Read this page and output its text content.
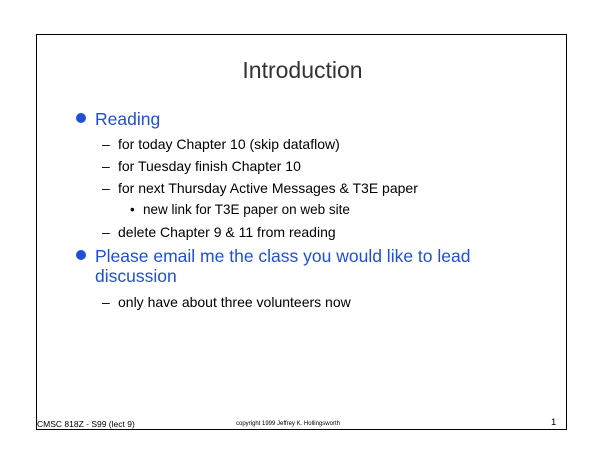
Introduction
Reading
– for today Chapter 10 (skip dataflow)
– for Tuesday finish Chapter 10
– for next Thursday Active Messages & T3E paper
• new link for T3E paper on web site
– delete Chapter 9 & 11 from reading
Please email me the class you would like to lead
discussion
– only have about three volunteers now
CMSC 818Z - S99 (lect 9)	copyright 1999 Jeffrey K. Hollingsworth	1
